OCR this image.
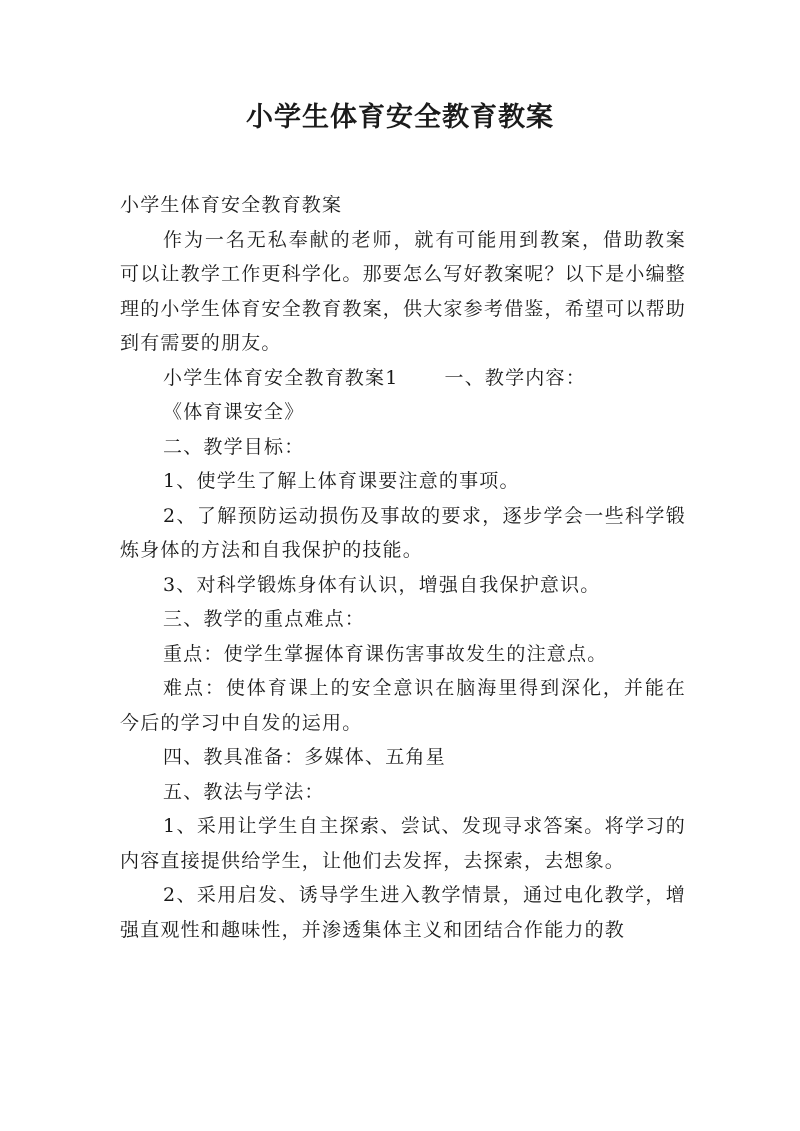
小学生体育安全教育教案

小学生体育安全教育教案

作为一名无私奉献的老师，就有可能用到教案，借助教案可以让教学工作更科学化。那要怎么写好教案呢？以下是小编整理的小学生体育安全教育教案，供大家参考借鉴，希望可以帮助到有需要的朋友。

小学生体育安全教育教案1 一、教学内容：

《体育课安全》

二、教学目标：

1、使学生了解上体育课要注意的事项。

2、了解预防运动损伤及事故的要求，逐步学会一些科学锻炼身体的方法和自我保护的技能。

3、对科学锻炼身体有认识，增强自我保护意识。

三、教学的重点难点：

重点：使学生掌握体育课伤害事故发生的注意点。

难点：使体育课上的安全意识在脑海里得到深化，并能在今后的学习中自发的运用。

四、教具准备：多媒体、五角星

五、教法与学法：

1、采用让学生自主探索、尝试、发现寻求答案。将学习的内容直接提供给学生，让他们去发挥，去探索，去想象。

2、采用启发、诱导学生进入教学情景，通过电化教学，增强直观性和趣味性，并渗透集体主义和团结合作能力的教
